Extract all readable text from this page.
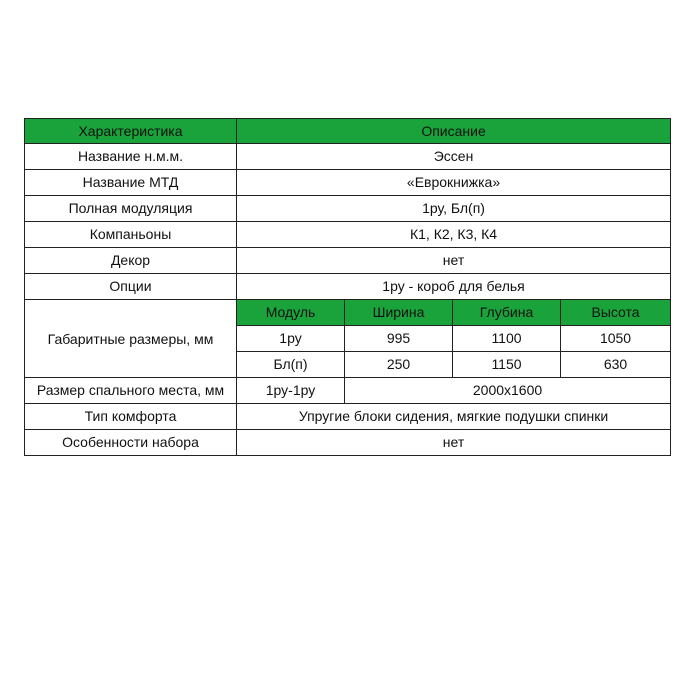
Характеристика	Описание			
Название н.м.м.	Эссен			
Название МТД	«Еврокнижка»			
Полная модуляция	1ру, Бл(п)			
Компаньоны	К1, К2, К3, К4			
Декор	нет			
Опции	1ру - короб для белья			
Габаритные размеры, мм	Модуль	Ширина	Глубина	Высота
	1ру	995	1100	1050
	Бл(п)	250	1150	630
Размер спального места, мм	1ру-1ру	2000x1600		
Тип комфорта	Упругие блоки сидения, мягкие подушки спинки			
Особенности набора	нет			
